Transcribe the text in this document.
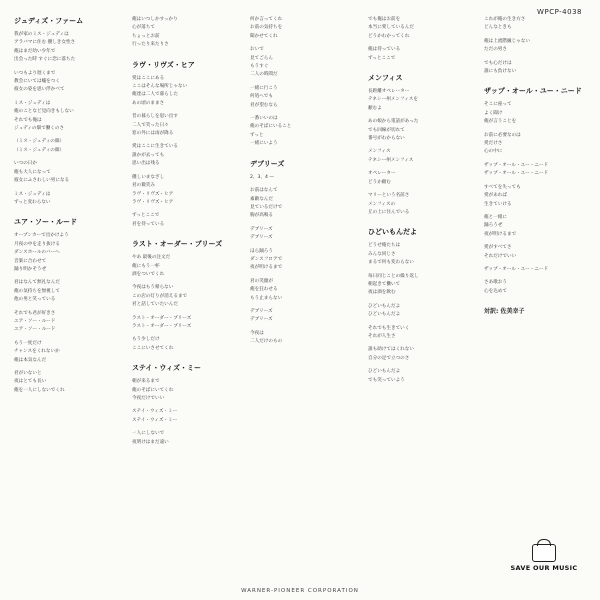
WPCP-4038
ジュディズ・ファーム
我が家のミス・ジュディは
アラバマに住む 優しき女性さ
俺はまだ幼い少年で
出会った時 すぐに恋に落ちた
いつもより遅くまで
教会にいては嘘をつく
彼女の姿を思い浮かべて
ミス・ジュディは
俺のことなど見向きもしない
それでも俺は
ジュディの畑で働くのさ
（ミス・ジュディの畑）
（ミス・ジュディの畑）
いつの日か
俺も大人になって
彼女にふさわしい男になる
ミス・ジュディは
ずっと変わらない
ユア・ソー・ルード
オープンカーで出かけよう
月夜の中を走り抜ける
ダンスホールのバーへ
音楽に合わせて
踊り明かそうぜ
君はなんて無礼なんだ
俺の気持ちを無視して
他の男と笑っている
それでも君が好きさ
ユア・ソー・ルード
ユア・ソー・ルード
もう一度だけ
チャンスをくれないか
俺は本気なんだ
君がいないと
夜はとても長い
俺を一人にしないでくれ
俺はいつしかすっかり
心が落ちて
ちょっとお前
行ったり来たりさ
ラヴ・リヴズ・ヒア
愛はここにある
ここはそんな場所じゃない
俺達は二人で暮らした
あの頃のままさ
昔の暮らしを思い出す
二人で笑った日々
窓の外には雨が降る
愛はここに生きている
誰かが去っても
思い出は残る
優しいまなざし
君の微笑み
ラヴ・リヴズ・ヒア
ラヴ・リヴズ・ヒア
ずっとここで
君を待っている
ラスト・オーダー・ブリーズ
やあ 最後の注文だ
俺にもう一杯
酒をついでくれ
今夜はもう帰らない
この店の灯りが消えるまで
君と話していたいんだ
ラスト・オーダー・プリーズ
ラスト・オーダー・プリーズ
もう少しだけ
ここにいさせてくれ
ステイ・ウィズ・ミー
朝が来るまで
俺のそばにいてくれ
今夜だけでいい
ステイ・ウィズ・ミー
ステイ・ウィズ・ミー
一人にしないで
夜明けはまだ遠い
何か言ってくれ
お前の気持ちを
聞かせてくれ
おいで
見てごらん
もうすぐ
二人の時間だ
一緒に行こう
何処へでも
君が望むなら
一番いいのは
俺のそばにいること
ずっと
一緒にいよう
デブリーズ
2、3、4 —
お前はなんて
素敵なんだ
見ているだけで
胸が高鳴る
デブリーズ
デブリーズ
ほら踊ろう
ダンスフロアで
夜が明けるまで
君の笑顔が
俺を狂わせる
もう止まらない
デブリーズ
デブリーズ
今夜は
二人だけのもの
でも俺はお前を
本当に愛しているんだ
どうかわかってくれ
俺は待っている
ずっとここで
メンフィス
長距離オペレーター
テネシー州メンフィスを
頼むよ
あの娘から電話があった
でも回線が切れて
番号がわからない
メンフィス
テネシー州メンフィス
オペレーター
どうか頼む
マリーという名前さ
メンフィスの
丘の上に住んでいる
ひどいもんだよ
どうせ俺たちは
みんな同じさ
まるで何も変わらない
毎日同じことの繰り返し
朝起きて働いて
夜は酒を飲む
ひどいもんだよ
ひどいもんだよ
それでも生きていく
それが人生さ
誰も助けてはくれない
自分の足で立つのさ
ひどいもんだよ
でも笑っていよう
これが俺の生き方さ
どんなときも
俺は上流階級じゃない
ただの男さ
でも心だけは
誰にも負けない
ザップ・オール・ユー・ニード
そこに座って
よく聞け
俺が言うことを
お前に必要なのは
愛だけさ
心の中に
ザップ・オール・ユー・ニード
ザップ・オール・ユー・ニード
すべてを失っても
愛があれば
生きていける
俺と一緒に
踊ろうぜ
夜が明けるまで
愛がすべてさ
それだけでいい
ザップ・オール・ユー・ニード
さあ歌おう
心を込めて
対訳: 佐美幸子
SAVE OUR MUSIC
WARNER-PIONEER CORPORATION
